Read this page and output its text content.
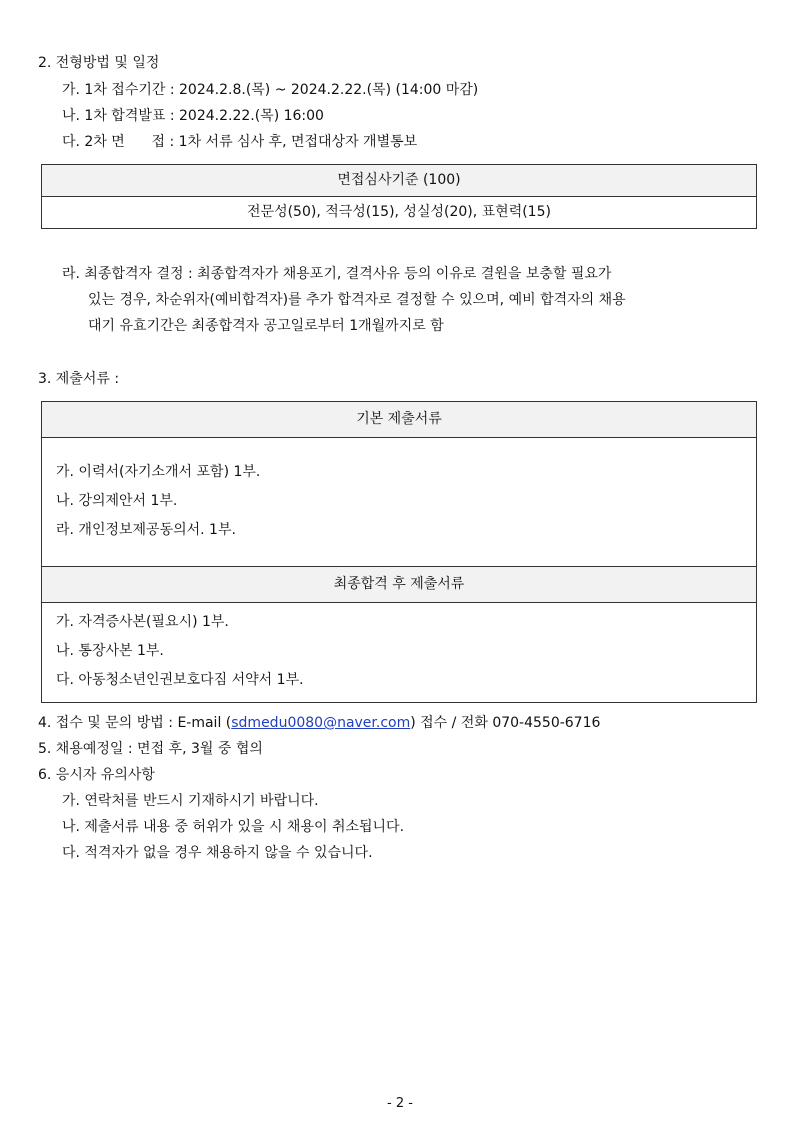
2. 전형방법 및 일정
가. 1차 접수기간 : 2024.2.8.(목) ~ 2024.2.22.(목) (14:00 마감)
나. 1차 합격발표 : 2024.2.22.(목) 16:00
다. 2차 면      접 : 1차 서류 심사 후, 면접대상자 개별통보
면접심사기준 (100)
전문성(50), 적극성(15), 성실성(20), 표현력(15)
라. 최종합격자 결정 : 최종합격자가 채용포기, 결격사유 등의 이유로 결원을 보충할 필요가
있는 경우, 차순위자(예비합격자)를 추가 합격자로 결정할 수 있으며, 예비 합격자의 채용
대기 유효기간은 최종합격자 공고일로부터 1개월까지로 함
3. 제출서류 :
기본 제출서류
가. 이력서(자기소개서 포함) 1부.
나. 강의제안서 1부.
라. 개인정보제공동의서. 1부.
최종합격 후 제출서류
가. 자격증사본(필요시) 1부.
나. 통장사본 1부.
다. 아동청소년인권보호다짐 서약서 1부.
4. 접수 및 문의 방법 : E-mail (sdmedu0080@naver.com) 접수 / 전화 070-4550-6716
5. 채용예정일 : 면접 후, 3월 중 협의
6. 응시자 유의사항
가. 연락처를 반드시 기재하시기 바랍니다.
나. 제출서류 내용 중 허위가 있을 시 채용이 취소됩니다.
다. 적격자가 없을 경우 채용하지 않을 수 있습니다.
- 2 -
